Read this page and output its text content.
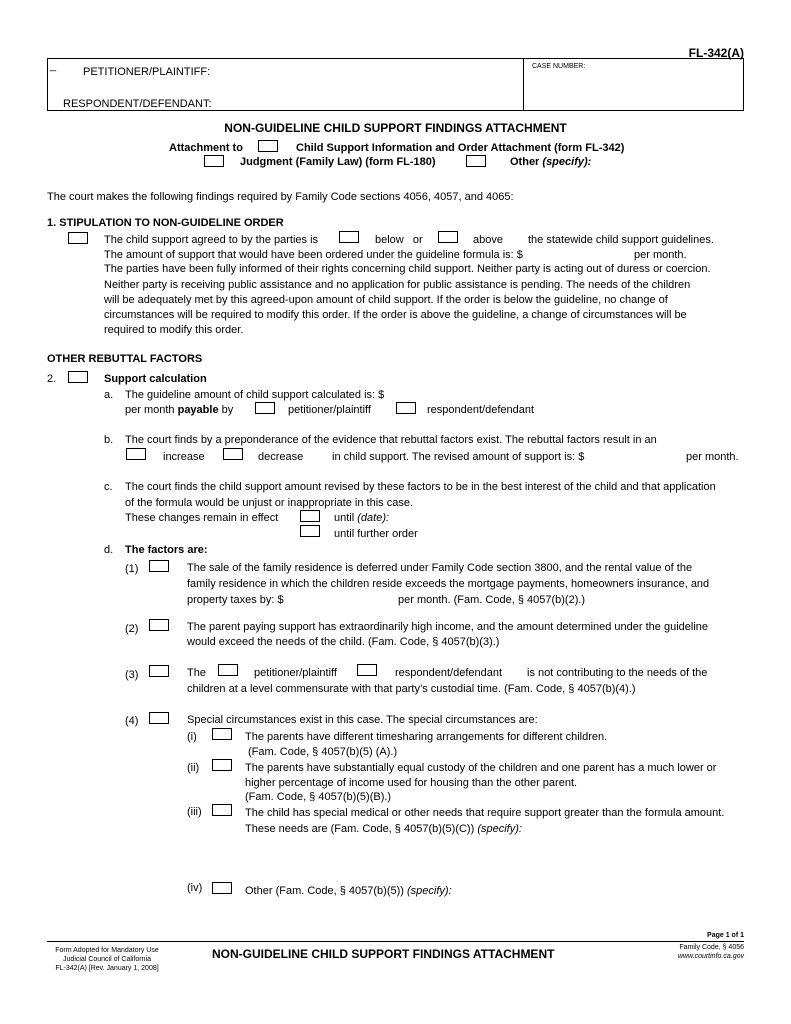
FL-342(A)
_ PETITIONER/PLAINTIFF:
RESPONDENT/DEFENDANT:
CASE NUMBER:
NON-GUIDELINE CHILD SUPPORT FINDINGS ATTACHMENT
Attachment to	Child Support Information and Order Attachment (form FL-342)
Judgment (Family Law) (form FL-180)	Other (specify):
The court makes the following findings required by Family Code sections 4056, 4057, and 4065:
1. STIPULATION TO NON-GUIDELINE ORDER
The child support agreed to by the parties is	below   or	above the statewide child support guidelines.
The amount of support that would have been ordered under the guideline formula is: $	per month.
The parties have been fully informed of their rights concerning child support. Neither party is acting out of duress or coercion.
Neither party is receiving public assistance and no application for public assistance is pending. The needs of the children
will be adequately met by this agreed-upon amount of child support. If the order is below the guideline, no change of
circumstances will be required to modify this order. If the order is above the guideline, a change of circumstances will be
required to modify this order.
OTHER REBUTTAL FACTORS
2.	Support calculation
a. The guideline amount of child support calculated is: $
per month payable by	petitioner/plaintiff	respondent/defendant
b. The court finds by a preponderance of the evidence that rebuttal factors exist. The rebuttal factors result in an
increase	decrease	in child support. The revised amount of support is: $	per month.
c. The court finds the child support amount revised by these factors to be in the best interest of the child and that application
of the formula would be unjust or inappropriate in this case.
These changes remain in effect	until (date):
until further order
d. The factors are:
(1)	The sale of the family residence is deferred under Family Code section 3800, and the rental value of the
family residence in which the children reside exceeds the mortgage payments, homeowners insurance, and
property taxes by: $	per month. (Fam. Code, § 4057(b)(2).)
(2)	The parent paying support has extraordinarily high income, and the amount determined under the guideline
would exceed the needs of the child. (Fam. Code, § 4057(b)(3).)
(3)	The	petitioner/plaintiff	respondent/defendant is not contributing to the needs of the
children at a level commensurate with that party’s custodial time. (Fam. Code, § 4057(b)(4).)
(4)	Special circumstances exist in this case. The special circumstances are:
(i)	The parents have different timesharing arrangements for different children.
(Fam. Code, § 4057(b)(5) (A).)
(ii)	The parents have substantially equal custody of the children and one parent has a much lower or
higher percentage of income used for housing than the other parent.
(Fam. Code, § 4057(b)(5)(B).)
(iii)	The child has special medical or other needs that require support greater than the formula amount.
These needs are (Fam. Code, § 4057(b)(5)(C)) (specify):
(iv)	Other (Fam. Code, § 4057(b)(5)) (specify):
Page 1 of 1
Form Adopted for Mandatory Use
Judicial Council of California
FL-342(A) [Rev. January 1, 2008]
NON-GUIDELINE CHILD SUPPORT FINDINGS ATTACHMENT	Family Code, § 4056
www.courtinfo.ca.gov
